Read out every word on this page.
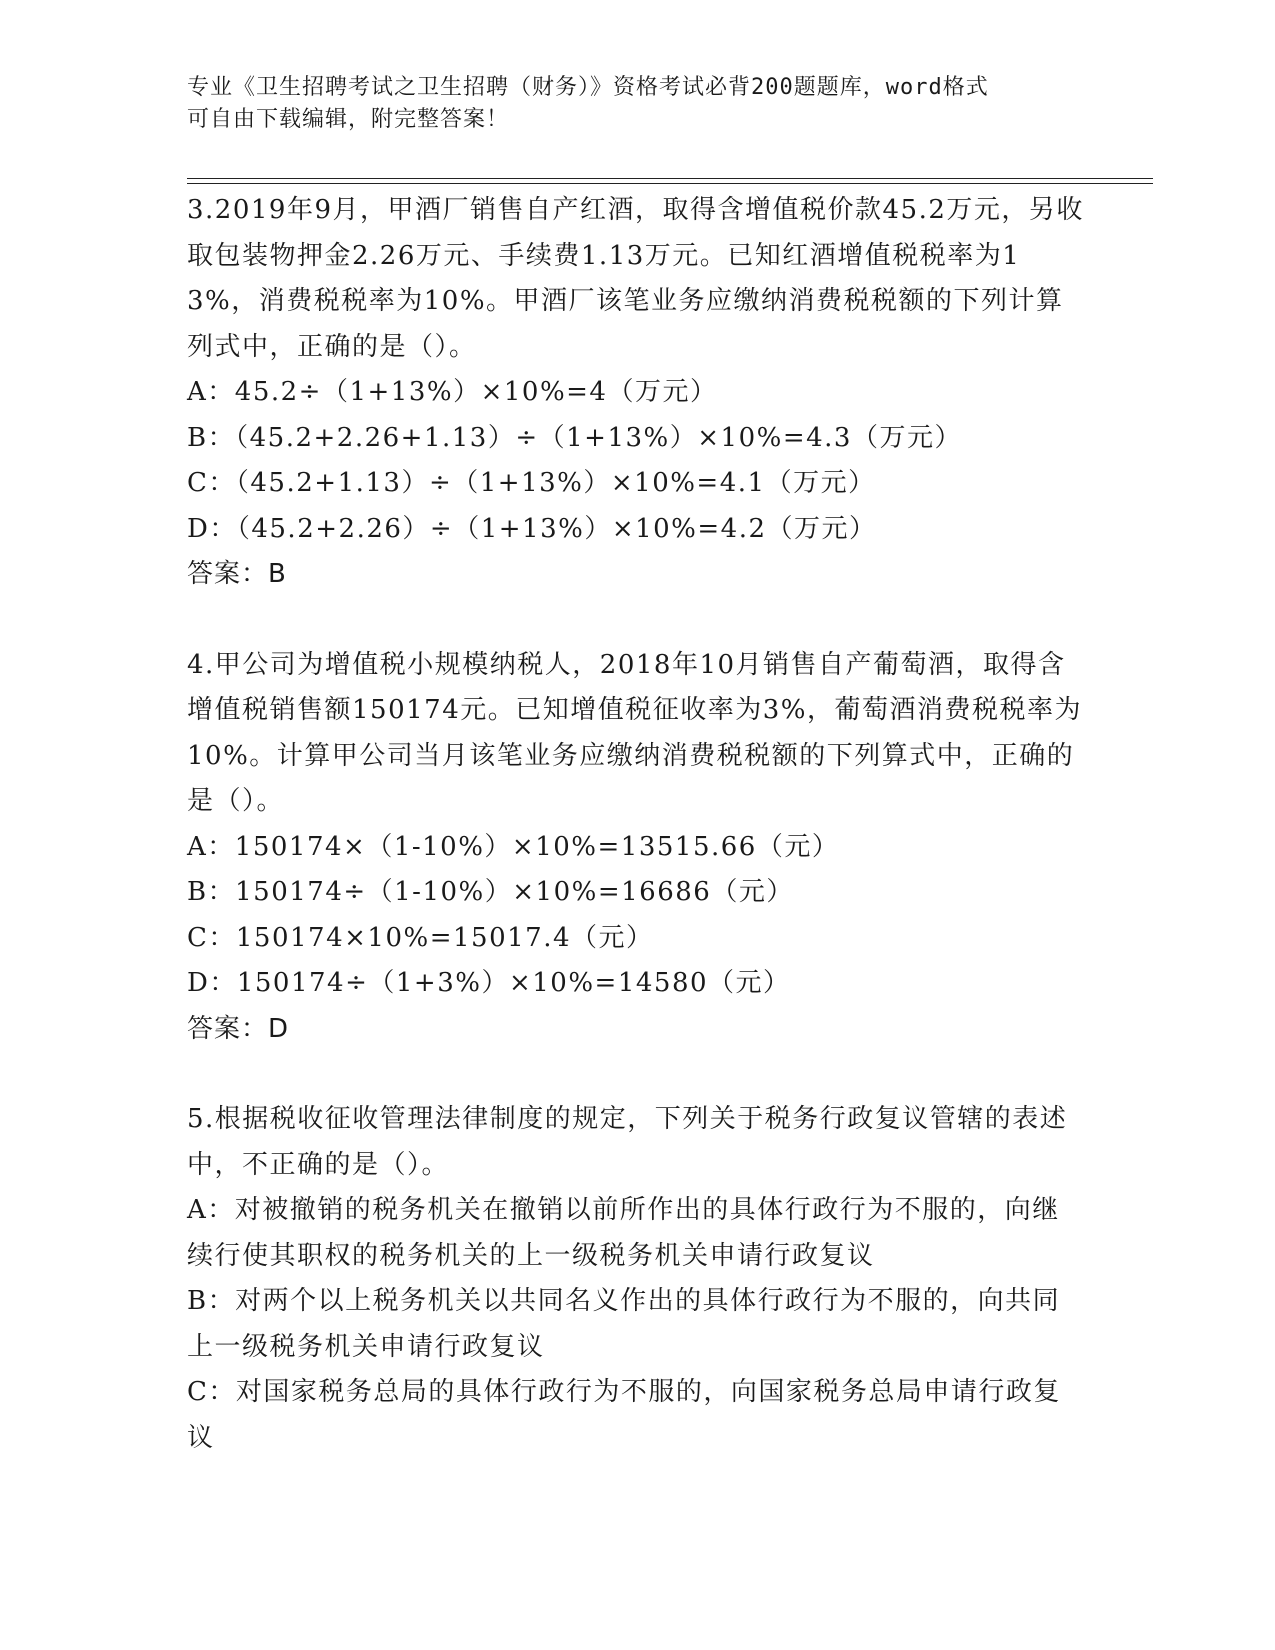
专业《卫生招聘考试之卫生招聘（财务）》资格考试必背200题题库，word格式
可自由下载编辑，附完整答案！

3.2019年9月，甲酒厂销售自产红酒，取得含增值税价款45.2万元，另收取包装物押金2.26万元、手续费1.13万元。已知红酒增值税税率为13%，消费税税率为10%。甲酒厂该笔业务应缴纳消费税税额的下列计算列式中，正确的是（）。

A：45.2÷（1+13%）×10%=4（万元）

B：（45.2+2.26+1.13）÷（1+13%）×10%=4.3（万元）

C：（45.2+1.13）÷（1+13%）×10%=4.1（万元）

D：（45.2+2.26）÷（1+13%）×10%=4.2（万元）

答案：B

4.甲公司为增值税小规模纳税人，2018年10月销售自产葡萄酒，取得含增值税销售额150174元。已知增值税征收率为3%，葡萄酒消费税税率为10%。计算甲公司当月该笔业务应缴纳消费税税额的下列算式中，正确的是（）。

A：150174×（1-10%）×10%=13515.66（元）

B：150174÷（1-10%）×10%=16686（元）

C：150174×10%=15017.4（元）

D：150174÷（1+3%）×10%=14580（元）

答案：D

5.根据税收征收管理法律制度的规定，下列关于税务行政复议管辖的表述中，不正确的是（）。

A：对被撤销的税务机关在撤销以前所作出的具体行政行为不服的，向继续行使其职权的税务机关的上一级税务机关申请行政复议

B：对两个以上税务机关以共同名义作出的具体行政行为不服的，向共同上一级税务机关申请行政复议

C：对国家税务总局的具体行政行为不服的，向国家税务总局申请行政复议
